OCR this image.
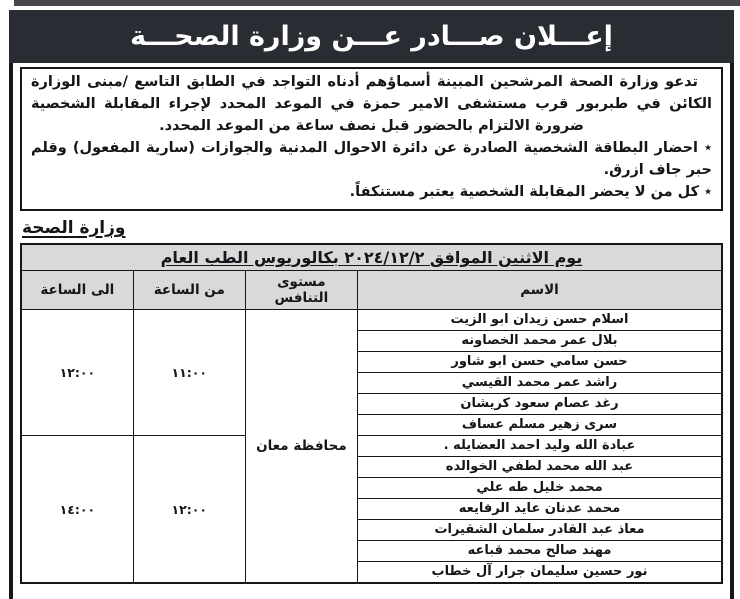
إعـــلان صـــادر عـــن وزارة الصحـــة

تدعو وزارة الصحة المرشحين المبينة أسماؤهم أدناه التواجد في الطابق التاسع /مبنى الوزارة الكائن في طبربور قرب مستشفى الامير حمزة في الموعد المحدد لإجراء المقابلة الشخصية ضرورة الالتزام بالحضور قبل نصف ساعة من الموعد المحدد.

٭ احضار البطاقة الشخصية الصادرة عن دائرة الاحوال المدنية والجوازات (سارية المفعول) وقلم حبر جاف ازرق.

٭ كل من لا يحضر المقابلة الشخصية يعتبر مستنكفاً.

وزارة الصحة
يوم الاثنين الموافق ٢٠٢٤/١٢/٢ بكالوريوس الطب العام			
الاسم	مستوى التنافس	من الساعة	الى الساعة
اسلام حسن زيدان ابو الزيت	محافظة معان	١١:٠٠	١٢:٠٠
بلال عمر محمد الخصاونه			
حسن سامي حسن ابو شاور			
راشد عمر محمد القيسي			
رغد عصام سعود كريشان			
سرى زهير مسلم عساف			
عبادة الله وليد احمد العضايله .		١٢:٠٠	١٤:٠٠
عبد الله محمد لطفي الخوالده			
محمد خليل طه علي			
محمد عدنان عايد الرفايعه			
معاذ عبد القادر سلمان الشقيرات			
مهند صالح محمد قباعه			
نور حسين سليمان جرار آل خطاب			
